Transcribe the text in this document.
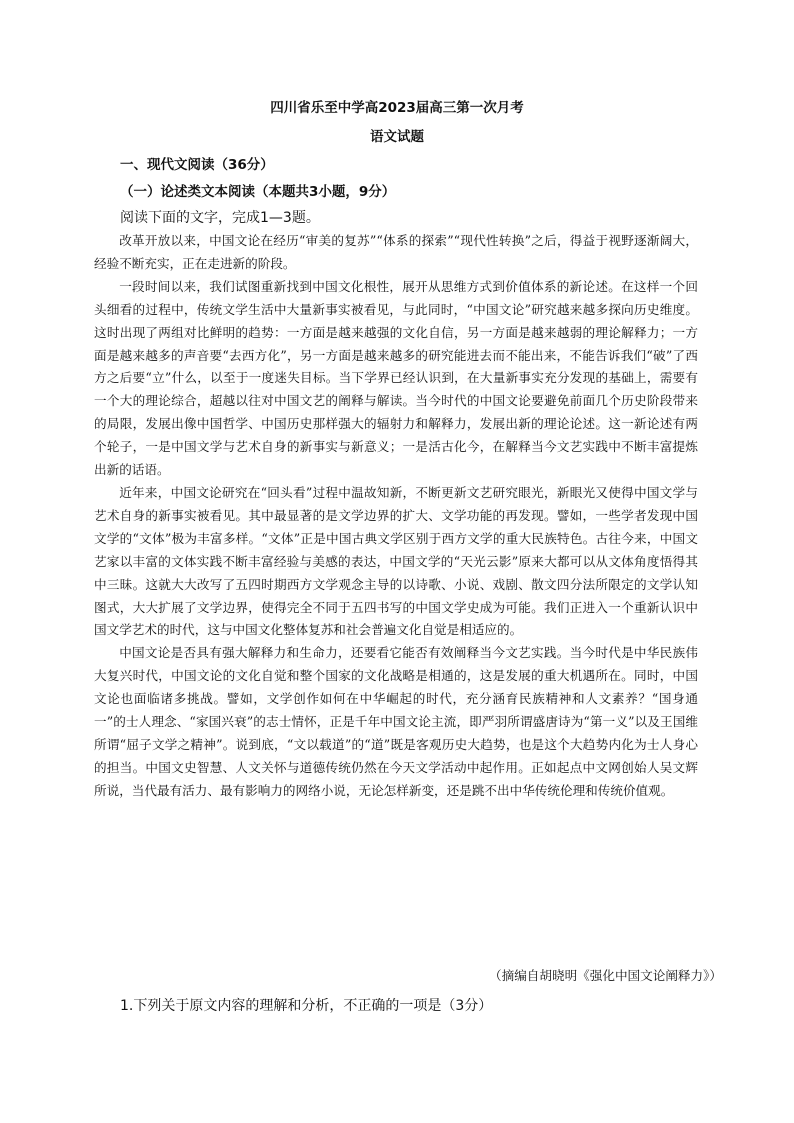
四川省乐至中学高2023届高三第一次月考
语文试题
一、现代文阅读（36分）
（一）论述类文本阅读（本题共3小题，9分）
阅读下面的文字，完成1—3题。

改革开放以来，中国文论在经历“审美的复苏”“体系的探索”“现代性转换”之后，得益于视野逐渐阔大，经验不断充实，正在走进新的阶段。

一段时间以来，我们试图重新找到中国文化根性，展开从思维方式到价值体系的新论述。在这样一个回头细看的过程中，传统文学生活中大量新事实被看见，与此同时，“中国文论”研究越来越多探向历史维度。这时出现了两组对比鲜明的趋势：一方面是越来越强的文化自信，另一方面是越来越弱的理论解释力；一方面是越来越多的声音要“去西方化”，另一方面是越来越多的研究能进去而不能出来，不能告诉我们“破”了西方之后要“立”什么，以至于一度迷失目标。当下学界已经认识到，在大量新事实充分发现的基础上，需要有一个大的理论综合，超越以往对中国文艺的阐释与解读。当今时代的中国文论要避免前面几个历史阶段带来的局限，发展出像中国哲学、中国历史那样强大的辐射力和解释力，发展出新的理论论述。这一新论述有两个轮子，一是中国文学与艺术自身的新事实与新意义；一是活古化今，在解释当今文艺实践中不断丰富提炼出新的话语。

近年来，中国文论研究在“回头看”过程中温故知新，不断更新文艺研究眼光，新眼光又使得中国文学与艺术自身的新事实被看见。其中最显著的是文学边界的扩大、文学功能的再发现。譬如，一些学者发现中国文学的“文体”极为丰富多样。“文体”正是中国古典文学区别于西方文学的重大民族特色。古往今来，中国文艺家以丰富的文体实践不断丰富经验与美感的表达，中国文学的“天光云影”原来大都可以从文体角度悟得其中三昧。这就大大改写了五四时期西方文学观念主导的以诗歌、小说、戏剧、散文四分法所限定的文学认知图式，大大扩展了文学边界，使得完全不同于五四书写的中国文学史成为可能。我们正进入一个重新认识中国文学艺术的时代，这与中国文化整体复苏和社会普遍文化自觉是相适应的。

中国文论是否具有强大解释力和生命力，还要看它能否有效阐释当今文艺实践。当今时代是中华民族伟大复兴时代，中国文论的文化自觉和整个国家的文化战略是相通的，这是发展的重大机遇所在。同时，中国文论也面临诸多挑战。譬如，文学创作如何在中华崛起的时代，充分涵育民族精神和人文素养？“国身通一”的士人理念、“家国兴衰”的志士情怀，正是千年中国文论主流，即严羽所谓盛唐诗为“第一义”以及王国维所谓“屈子文学之精神”。说到底，“文以载道”的“道”既是客观历史大趋势，也是这个大趋势内化为士人身心的担当。中国文史智慧、人文关怀与道德传统仍然在今天文学活动中起作用。正如起点中文网创始人吴文辉所说，当代最有活力、最有影响力的网络小说，无论怎样新变，还是跳不出中华传统伦理和传统价值观。

（摘编自胡晓明《强化中国文论阐释力》）
1.下列关于原文内容的理解和分析，不正确的一项是（3分）
